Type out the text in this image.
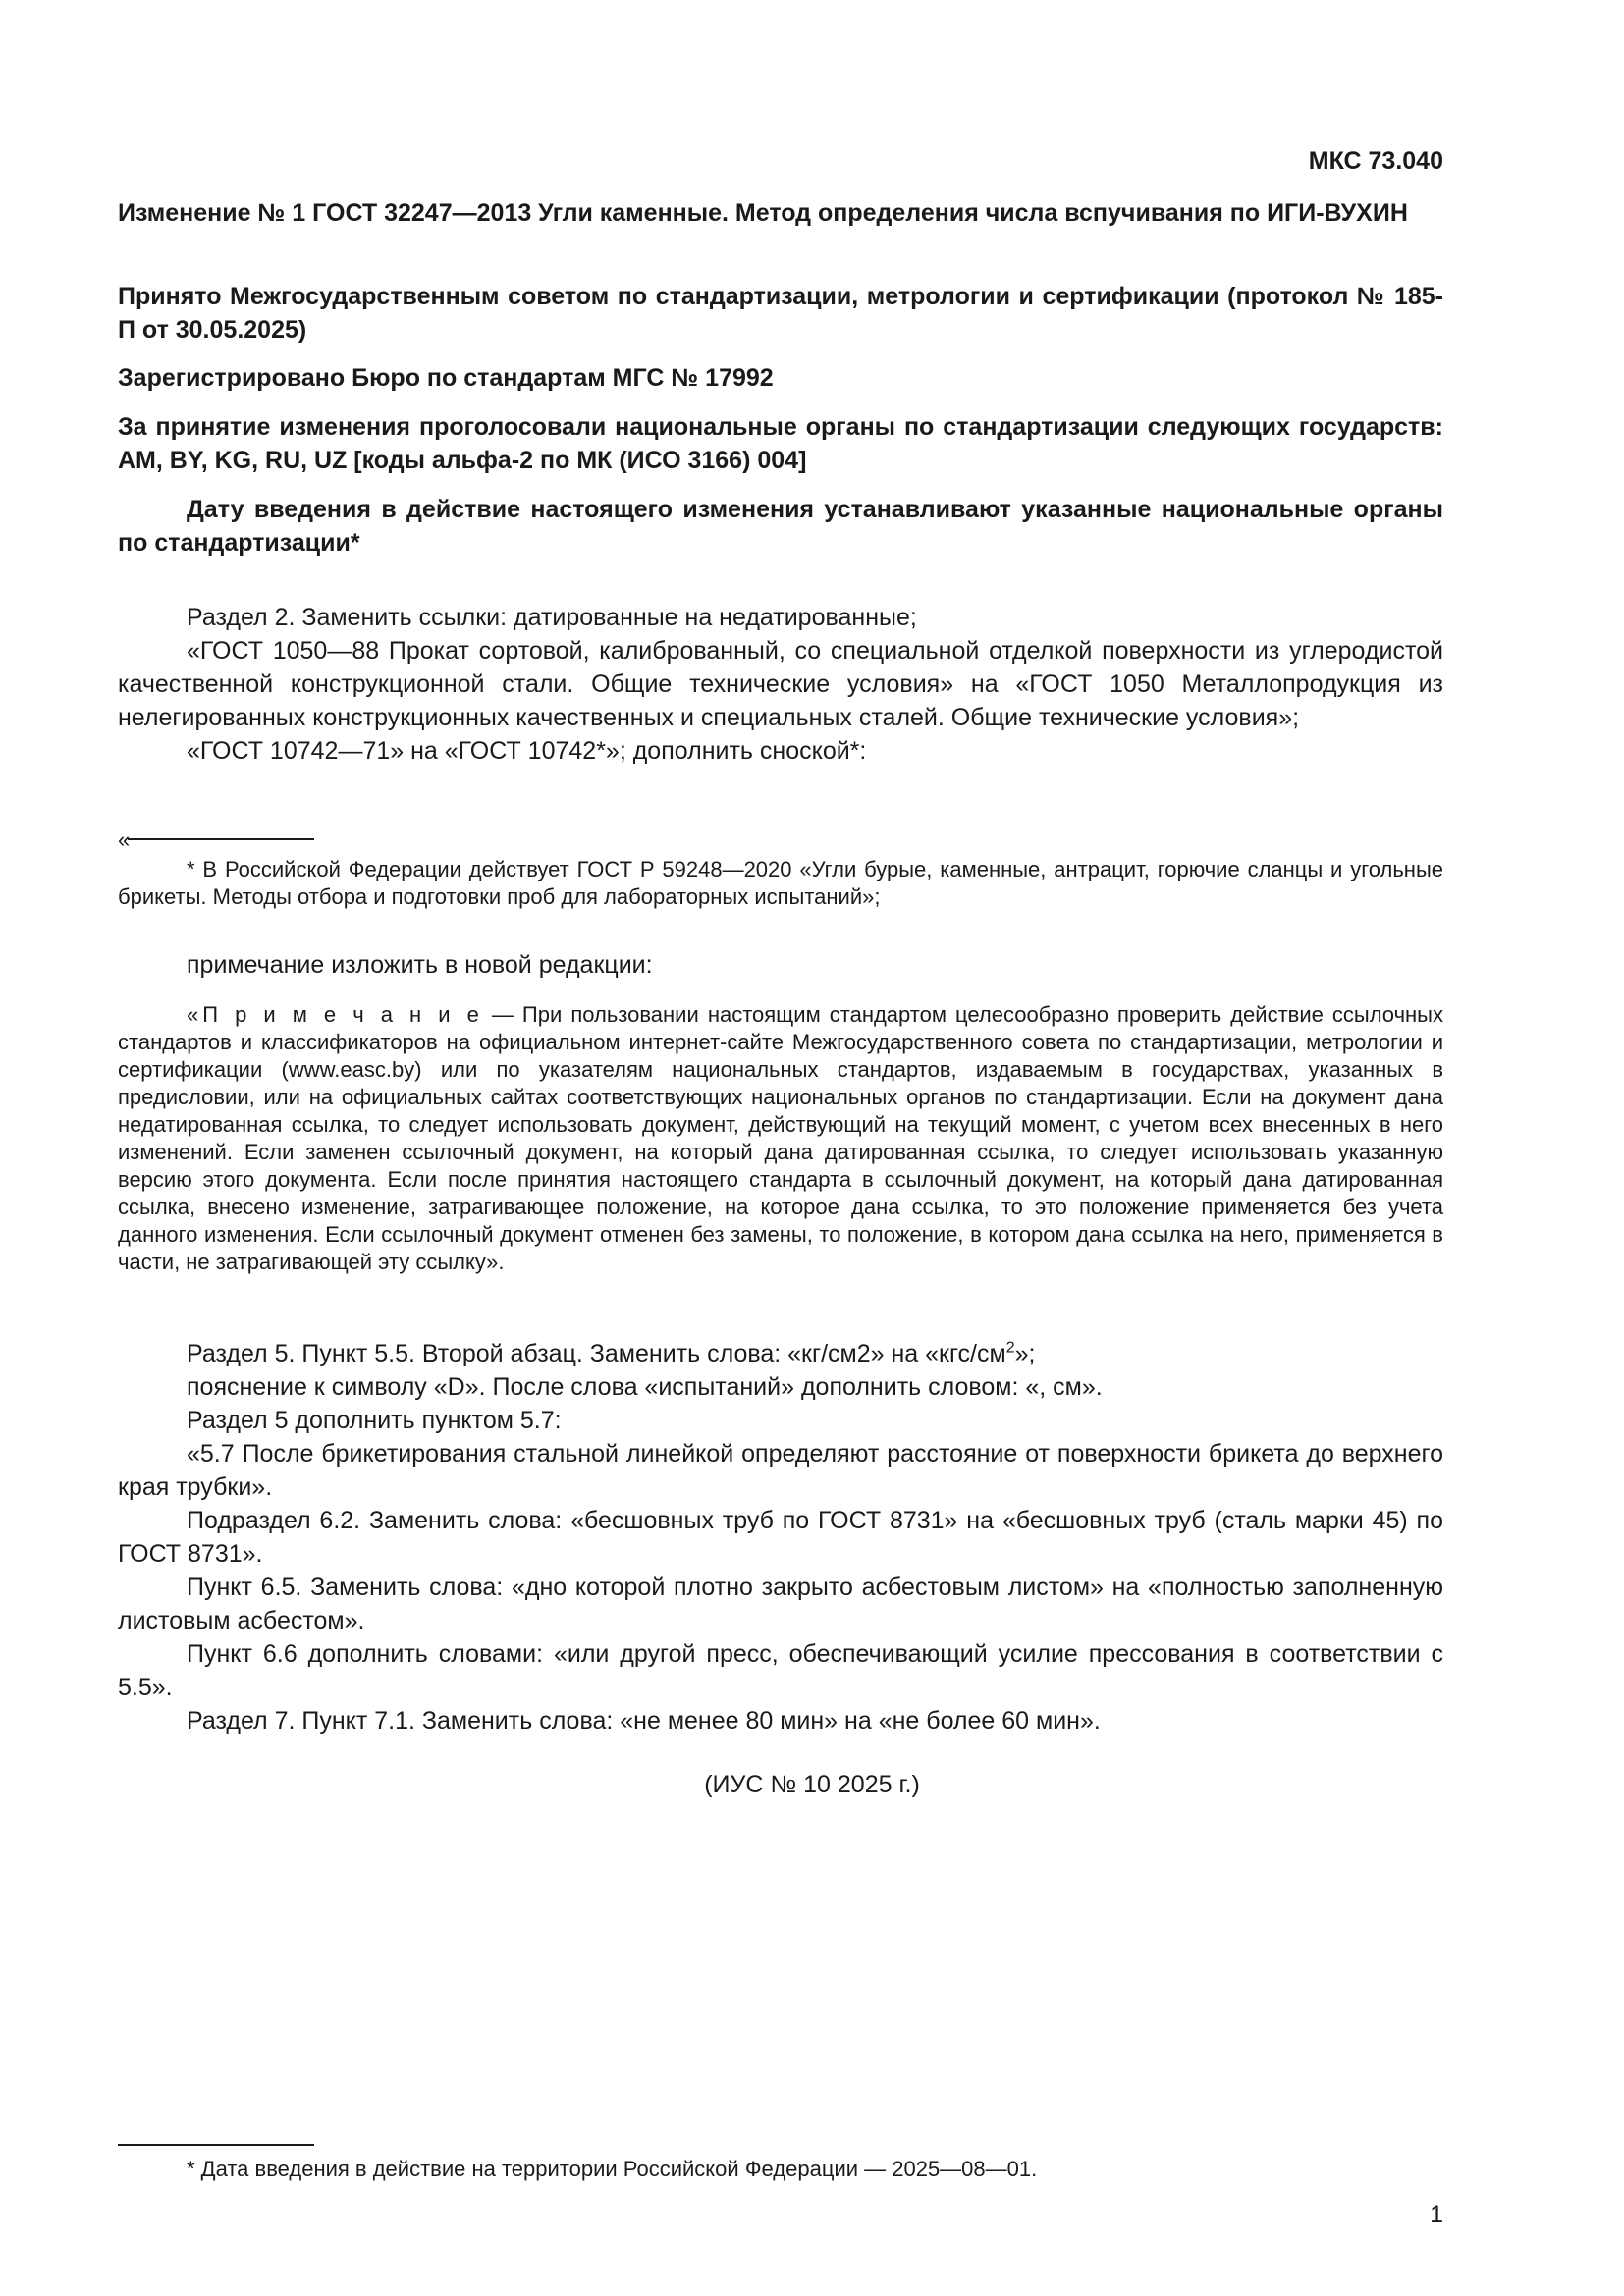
МКС 73.040
Изменение № 1 ГОСТ 32247—2013 Угли каменные. Метод определения числа вспучивания по ИГИ-ВУХИН
Принято Межгосударственным советом по стандартизации, метрологии и сертификации (протокол № 185-П от 30.05.2025)
Зарегистрировано Бюро по стандартам МГС № 17992
За принятие изменения проголосовали национальные органы по стандартизации следующих государств: AM, BY, KG, RU, UZ [коды альфа-2 по МК (ИСО 3166) 004]
Дату введения в действие настоящего изменения устанавливают указанные национальные органы по стандартизации*

Раздел 2. Заменить ссылки: датированные на недатированные;

«ГОСТ 1050—88 Прокат сортовой, калиброванный, со специальной отделкой поверхности из углеродистой качественной конструкционной стали. Общие технические условия» на «ГОСТ 1050 Металлопродукция из нелегированных конструкционных качественных и специальных сталей. Общие технические условия»;

«ГОСТ 10742—71» на «ГОСТ 10742*»; дополнить сноской*:

«

* В Российской Федерации действует ГОСТ Р 59248—2020 «Угли бурые, каменные, антрацит, горючие сланцы и угольные брикеты. Методы отбора и подготовки проб для лабораторных испытаний»;

примечание изложить в новой редакции:

«П р и м е ч а н и е — При пользовании настоящим стандартом целесообразно проверить действие ссылочных стандартов и классификаторов на официальном интернет-сайте Межгосударственного совета по стандартизации, метрологии и сертификации (www.easc.by) или по указателям национальных стандартов, издаваемым в государствах, указанных в предисловии, или на официальных сайтах соответствующих национальных органов по стандартизации. Если на документ дана недатированная ссылка, то следует использовать документ, действующий на текущий момент, с учетом всех внесенных в него изменений. Если заменен ссылочный документ, на который дана датированная ссылка, то следует использовать указанную версию этого документа. Если после принятия настоящего стандарта в ссылочный документ, на который дана датированная ссылка, внесено изменение, затрагивающее положение, на которое дана ссылка, то это положение применяется без учета данного изменения. Если ссылочный документ отменен без замены, то положение, в котором дана ссылка на него, применяется в части, не затрагивающей эту ссылку».

Раздел 5. Пункт 5.5. Второй абзац. Заменить слова: «кг/см2» на «$кгс/см^2$»;

пояснение к символу «D». После слова «испытаний» дополнить словом: «, см».

Раздел 5 дополнить пунктом 5.7:

«5.7 После брикетирования стальной линейкой определяют расстояние от поверхности брикета до верхнего края трубки».

Подраздел 6.2. Заменить слова: «бесшовных труб по ГОСТ 8731» на «бесшовных труб (сталь марки 45) по ГОСТ 8731».

Пункт 6.5. Заменить слова: «дно которой плотно закрыто асбестовым листом» на «полностью заполненную листовым асбестом».

Пункт 6.6 дополнить словами: «или другой пресс, обеспечивающий усилие прессования в соответствии с 5.5».

Раздел 7. Пункт 7.1. Заменить слова: «не менее 80 мин» на «не более 60 мин».

(ИУС № 10 2025 г.)
* Дата введения в действие на территории Российской Федерации — 2025—08—01.
1
